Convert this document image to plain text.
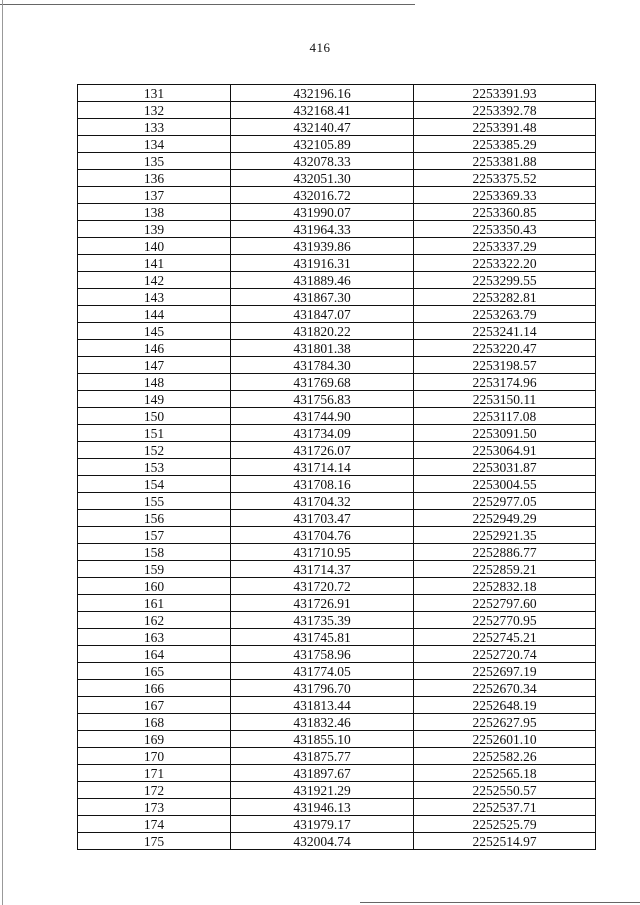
416
131	432196.16	2253391.93
132	432168.41	2253392.78
133	432140.47	2253391.48
134	432105.89	2253385.29
135	432078.33	2253381.88
136	432051.30	2253375.52
137	432016.72	2253369.33
138	431990.07	2253360.85
139	431964.33	2253350.43
140	431939.86	2253337.29
141	431916.31	2253322.20
142	431889.46	2253299.55
143	431867.30	2253282.81
144	431847.07	2253263.79
145	431820.22	2253241.14
146	431801.38	2253220.47
147	431784.30	2253198.57
148	431769.68	2253174.96
149	431756.83	2253150.11
150	431744.90	2253117.08
151	431734.09	2253091.50
152	431726.07	2253064.91
153	431714.14	2253031.87
154	431708.16	2253004.55
155	431704.32	2252977.05
156	431703.47	2252949.29
157	431704.76	2252921.35
158	431710.95	2252886.77
159	431714.37	2252859.21
160	431720.72	2252832.18
161	431726.91	2252797.60
162	431735.39	2252770.95
163	431745.81	2252745.21
164	431758.96	2252720.74
165	431774.05	2252697.19
166	431796.70	2252670.34
167	431813.44	2252648.19
168	431832.46	2252627.95
169	431855.10	2252601.10
170	431875.77	2252582.26
171	431897.67	2252565.18
172	431921.29	2252550.57
173	431946.13	2252537.71
174	431979.17	2252525.79
175	432004.74	2252514.97
